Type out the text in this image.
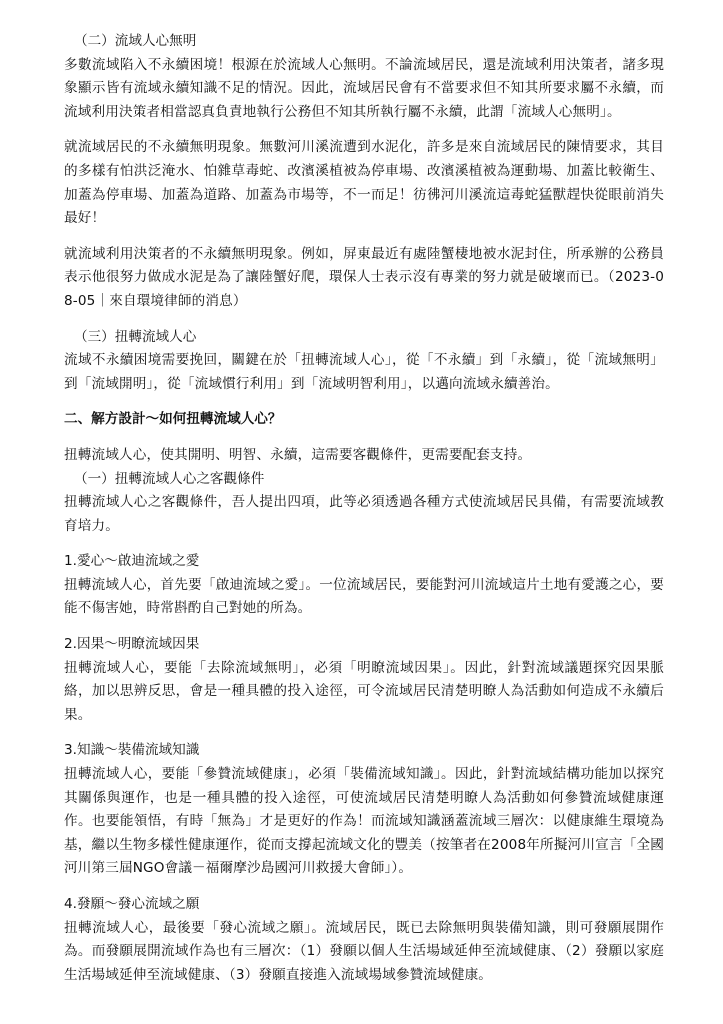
（二）流域人心無明

多數流域陷入不永續困境！根源在於流域人心無明。不論流域居民，還是流域利用決策者，諸多現象顯示皆有流域永續知識不足的情況。因此，流域居民會有不當要求但不知其所要求屬不永續，而流域利用決策者相當認真負責地執行公務但不知其所執行屬不永續，此謂「流域人心無明」。

就流域居民的不永續無明現象。無數河川溪流遭到水泥化，許多是來自流域居民的陳情要求，其目的多樣有怕洪泛淹水、怕雜草毒蛇、改濱溪植被為停車場、改濱溪植被為運動場、加蓋比較衛生、加蓋為停車場、加蓋為道路、加蓋為市場等，不一而足！彷彿河川溪流這毒蛇猛獸趕快從眼前消失最好！

就流域利用決策者的不永續無明現象。例如，屏東最近有處陸蟹棲地被水泥封住，所承辦的公務員表示他很努力做成水泥是為了讓陸蟹好爬，環保人士表示沒有專業的努力就是破壞而已。（2023-08-05｜來自環境律師的消息）

（三）扭轉流域人心

流域不永續困境需要挽回，關鍵在於「扭轉流域人心」，從「不永續」到「永續」，從「流域無明」到「流域開明」，從「流域慣行利用」到「流域明智利用」，以邁向流域永續善治。

二、解方設計～如何扭轉流域人心？

扭轉流域人心，使其開明、明智、永續，這需要客觀條件，更需要配套支持。

（一）扭轉流域人心之客觀條件

扭轉流域人心之客觀條件，吾人提出四項，此等必須透過各種方式使流域居民具備，有需要流域教育培力。

1.愛心～啟迪流域之愛

扭轉流域人心，首先要「啟迪流域之愛」。一位流域居民，要能對河川流域這片土地有愛護之心，要能不傷害她，時常斟酌自己對她的所為。

2.因果～明瞭流域因果

扭轉流域人心，要能「去除流域無明」，必須「明瞭流域因果」。因此，針對流域議題探究因果脈絡，加以思辨反思，會是一種具體的投入途徑，可令流域居民清楚明瞭人為活動如何造成不永續后果。

3.知識～裝備流域知識

扭轉流域人心，要能「參贊流域健康」，必須「裝備流域知識」。因此，針對流域結構功能加以探究其關係與運作，也是一種具體的投入途徑，可使流域居民清楚明瞭人為活動如何參贊流域健康運作。也要能領悟，有時「無為」才是更好的作為！而流域知識涵蓋流域三層次：以健康維生環境為基，繼以生物多樣性健康運作，從而支撐起流域文化的豐美（按筆者在2008年所擬河川宣言「全國河川第三屆NGO會議－福爾摩沙島國河川救援大會師」）。

4.發願～發心流域之願

扭轉流域人心，最後要「發心流域之願」。流域居民，既已去除無明與裝備知識，則可發願展開作為。而發願展開流域作為也有三層次：（1）發願以個人生活場域延伸至流域健康、（2）發願以家庭生活場域延伸至流域健康、（3）發願直接進入流域場域參贊流域健康。
